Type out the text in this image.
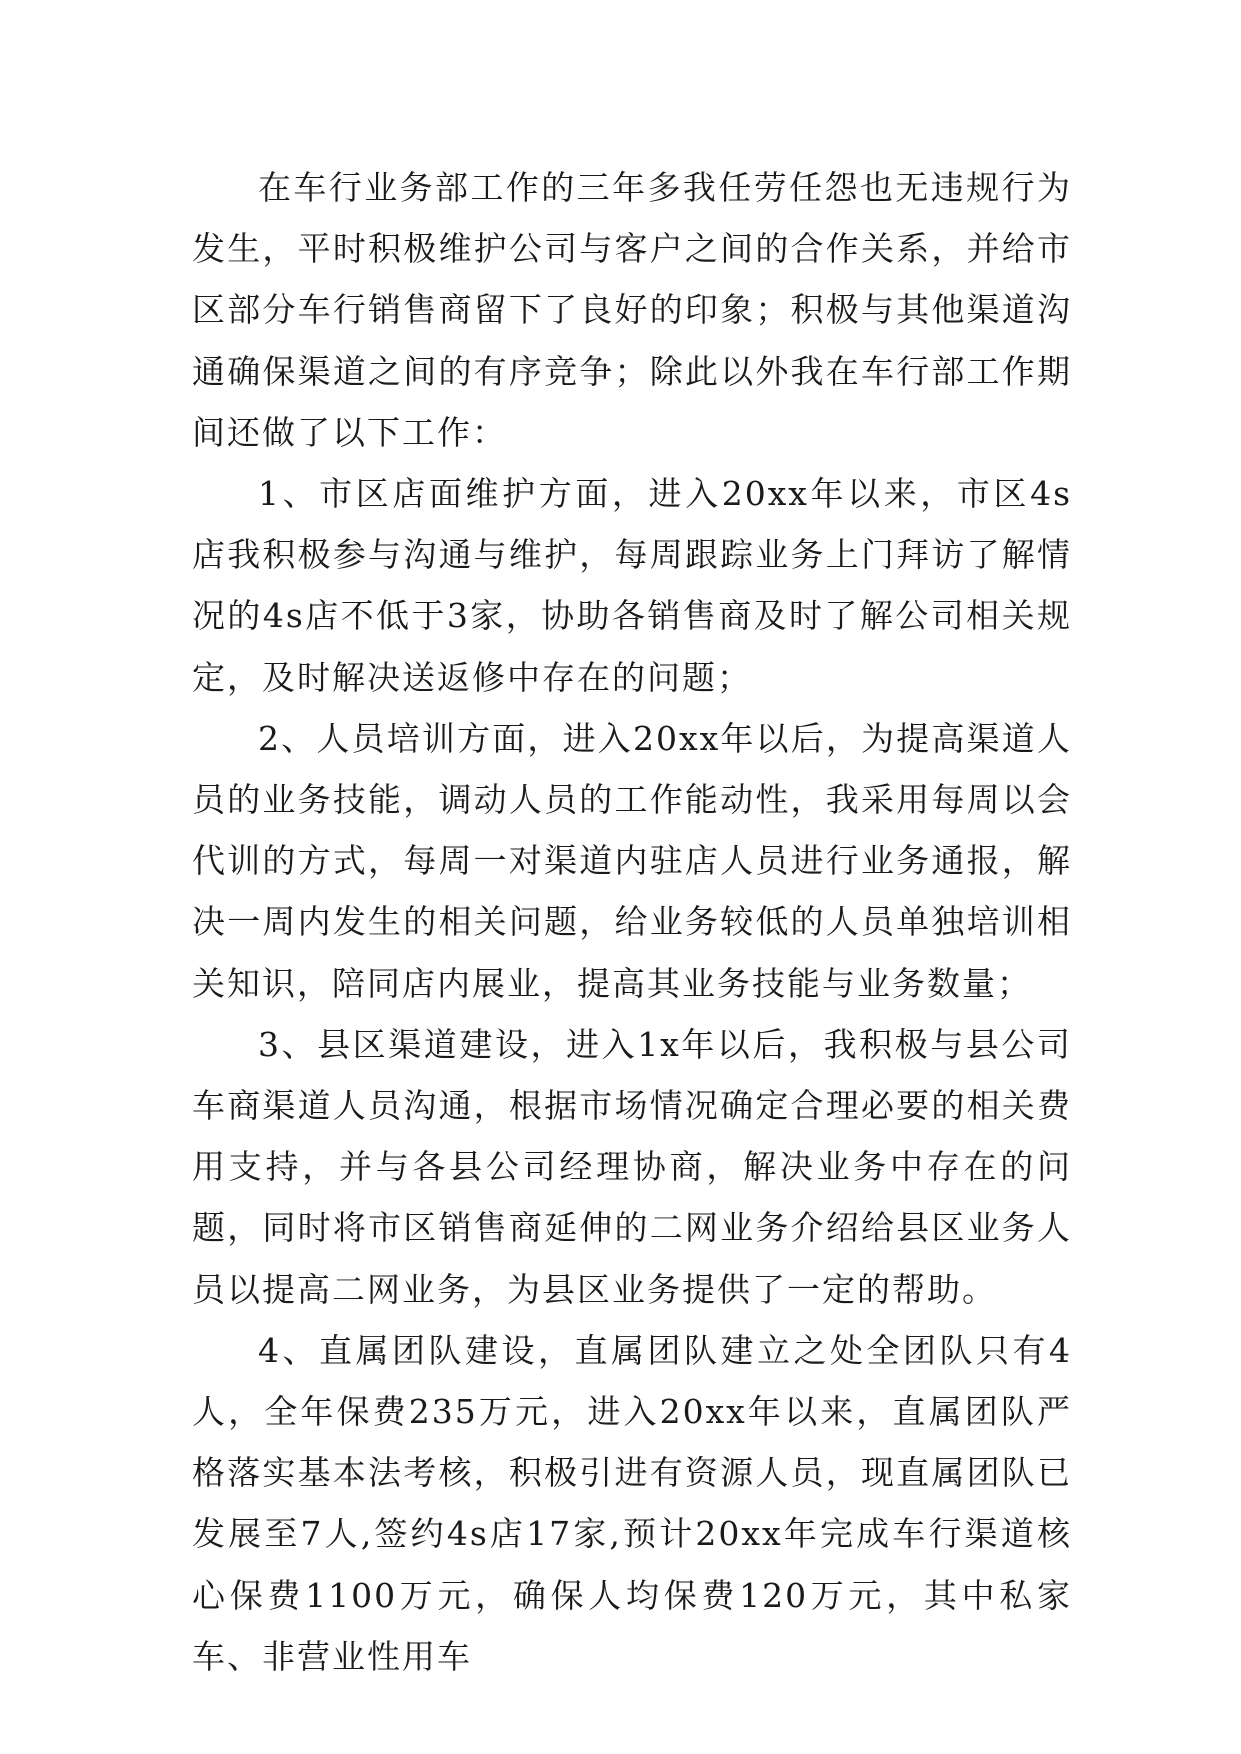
在车行业务部工作的三年多我任劳任怨也无违规行为发生，平时积极维护公司与客户之间的合作关系，并给市区部分车行销售商留下了良好的印象；积极与其他渠道沟通确保渠道之间的有序竞争；除此以外我在车行部工作期间还做了以下工作：

1、市区店面维护方面，进入20xx年以来，市区4s店我积极参与沟通与维护，每周跟踪业务上门拜访了解情况的4s店不低于3家，协助各销售商及时了解公司相关规定，及时解决送返修中存在的问题；

2、人员培训方面，进入20xx年以后，为提高渠道人员的业务技能，调动人员的工作能动性，我采用每周以会代训的方式，每周一对渠道内驻店人员进行业务通报，解决一周内发生的相关问题，给业务较低的人员单独培训相关知识，陪同店内展业，提高其业务技能与业务数量；

3、县区渠道建设，进入1x年以后，我积极与县公司车商渠道人员沟通，根据市场情况确定合理必要的相关费用支持，并与各县公司经理协商，解决业务中存在的问题，同时将市区销售商延伸的二网业务介绍给县区业务人员以提高二网业务，为县区业务提供了一定的帮助。

4、直属团队建设，直属团队建立之处全团队只有4人，全年保费235万元，进入20xx年以来，直属团队严格落实基本法考核，积极引进有资源人员，现直属团队已发展至7人,签约4s店17家,预计20xx年完成车行渠道核心保费1100万元，确保人均保费120万元，其中私家车、非营业性用车
